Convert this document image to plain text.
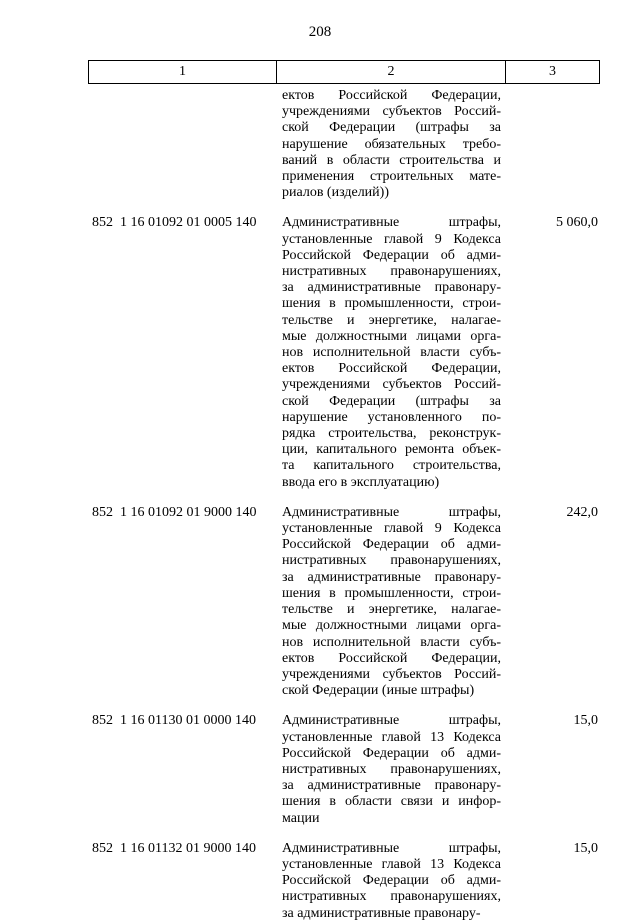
208
1	2	3
ектов Российской Федерации,
учреждениями субъектов Россий-
ской Федерации (штрафы за
нарушение обязательных требо-
ваний в области строительства и
применения строительных мате-
риалов (изделий))
852  1 16 01092 01 0005 140 Административные штрафы,
установленные главой 9 Кодекса
Российской Федерации об адми-
нистративных правонарушениях,
за административные правонару-
шения в промышленности, строи-
тельстве и энергетике, налагае-
мые должностными лицами орга-
нов исполнительной власти субъ-
ектов Российской Федерации,
учреждениями субъектов Россий-
ской Федерации (штрафы за
нарушение установленного по-
рядка строительства, реконструк-
ции, капитального ремонта объек-
та капитального строительства,
ввода его в эксплуатацию)
5 060,0
852  1 16 01092 01 9000 140 Административные штрафы,
установленные главой 9 Кодекса
Российской Федерации об адми-
нистративных правонарушениях,
за административные правонару-
шения в промышленности, строи-
тельстве и энергетике, налагае-
мые должностными лицами орга-
нов исполнительной власти субъ-
ектов Российской Федерации,
учреждениями субъектов Россий-
ской Федерации (иные штрафы)
242,0
852  1 16 01130 01 0000 140 Административные штрафы,
установленные главой 13 Кодекса
Российской Федерации об адми-
нистративных правонарушениях,
за административные правонару-
шения в области связи и инфор-
мации
15,0
852  1 16 01132 01 9000 140 Административные штрафы,
установленные главой 13 Кодекса
Российской Федерации об адми-
нистративных правонарушениях,
за административные правонару-
15,0
